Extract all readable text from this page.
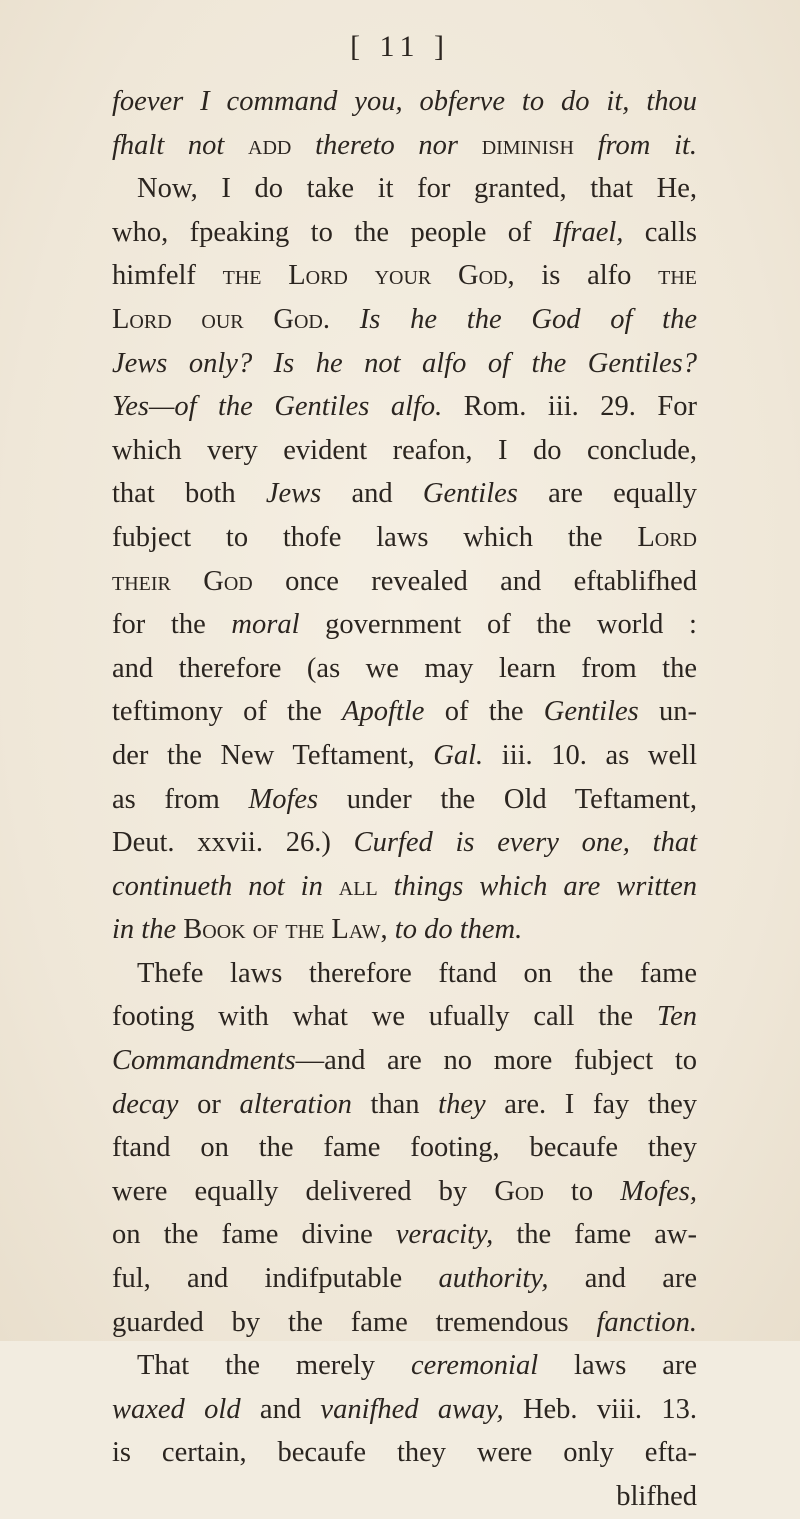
[ 11 ]
foever I command you, obferve to do it, thou
fhalt not add thereto nor diminish from it.
Now, I do take it for granted, that He,
who, fpeaking to the people of Ifrael, calls
himfelf the Lord your God, is alfo the
Lord our God. Is he the God of the
Jews only? Is he not alfo of the Gentiles?
Yes—of the Gentiles alfo. Rom. iii. 29. For
which very evident reafon, I do conclude,
that both Jews and Gentiles are equally
fubject to thofe laws which the Lord
their God once revealed and eftablifhed
for the moral government of the world :
and therefore (as we may learn from the
teftimony of the Apoftle of the Gentiles un-
der the New Teftament, Gal. iii. 10. as well
as from Mofes under the Old Teftament,
Deut. xxvii. 26.) Curfed is every one, that
continueth not in all things which are written
in the Book of the Law, to do them.
Thefe laws therefore ftand on the fame
footing with what we ufually call the Ten
Commandments—and are no more fubject to
decay or alteration than they are. I fay they
ftand on the fame footing, becaufe they
were equally delivered by God to Mofes,
on the fame divine veracity, the fame aw-
ful, and indifputable authority, and are
guarded by the fame tremendous fanction.
That the merely ceremonial laws are
waxed old and vanifhed away, Heb. viii. 13.
is certain, becaufe they were only efta-
blifhed
